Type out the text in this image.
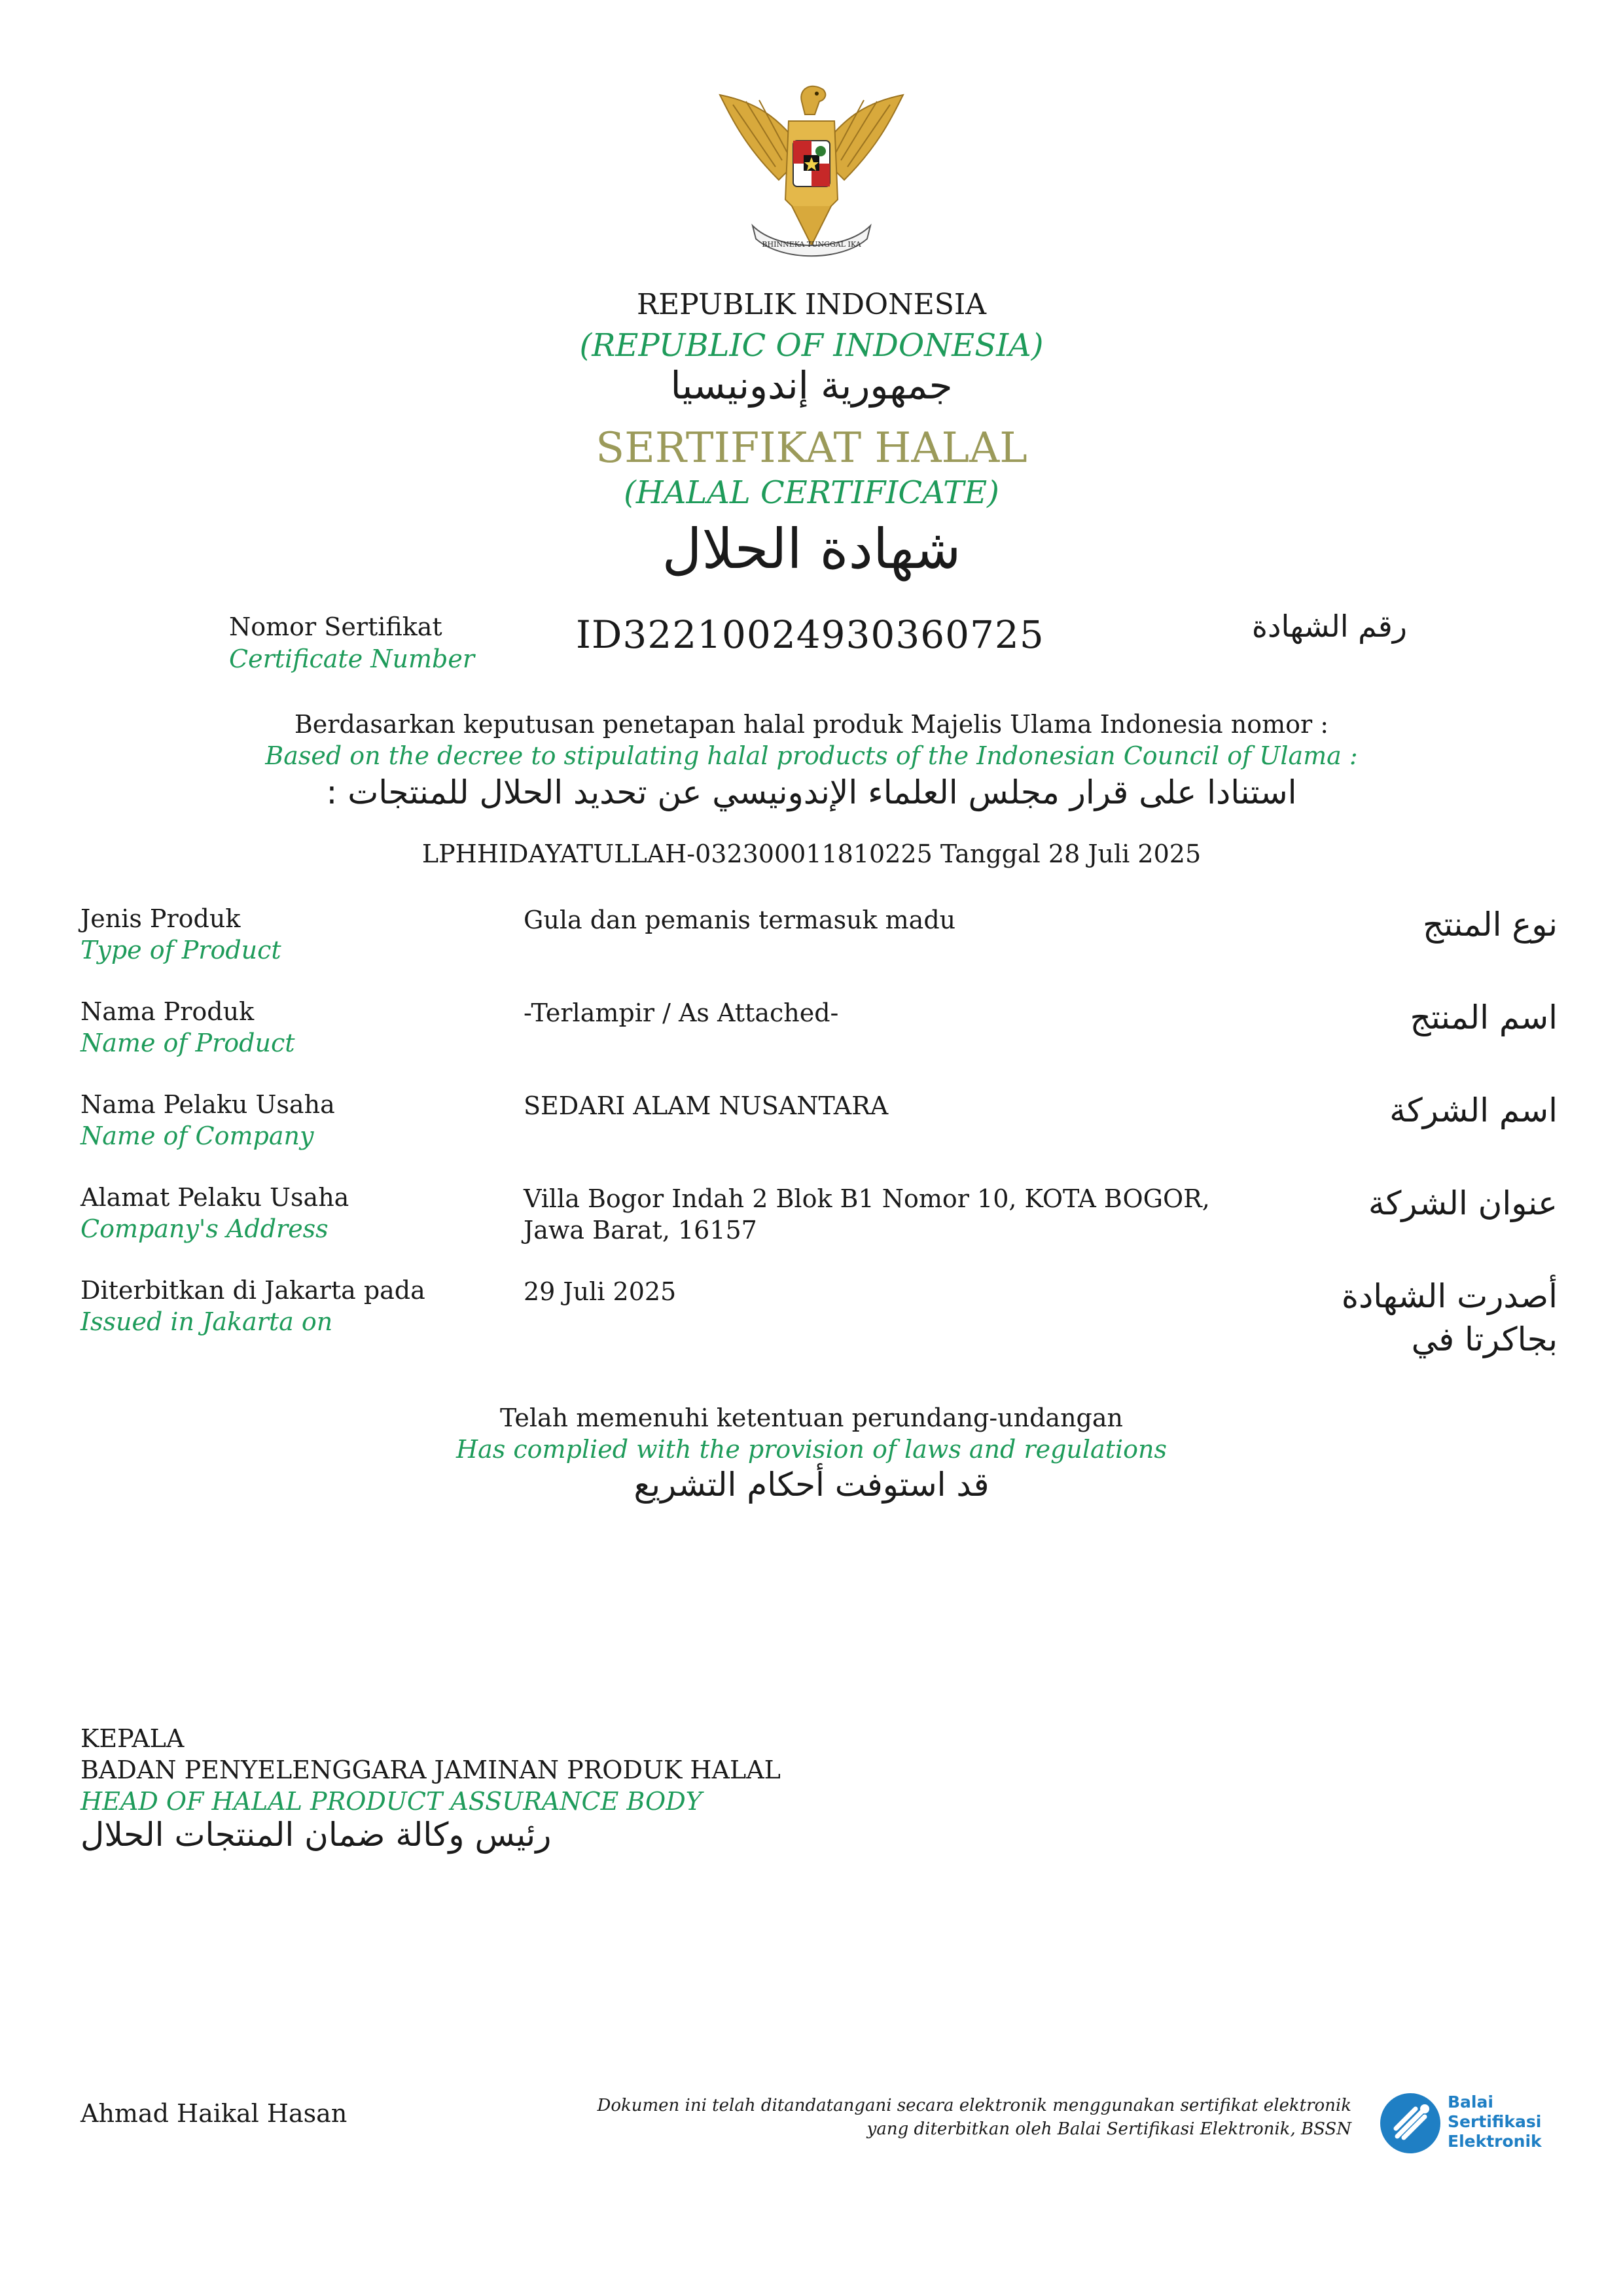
BHINNEKA TUNGGAL IKA
REPUBLIK INDONESIA
(REPUBLIC OF INDONESIA)
جمهورية إندونيسيا
SERTIFIKAT HALAL
(HALAL CERTIFICATE)
شهادة الحلال
Nomor Sertifikat
Certificate Number
ID32210024930360725	رقم الشهادة
Berdasarkan keputusan penetapan halal produk Majelis Ulama Indonesia nomor :
Based on the decree to stipulating halal products of the Indonesian Council of Ulama :
استنادا على قرار مجلس العلماء الإندونيسي عن تحديد الحلال للمنتجات :
LPHHIDAYATULLAH-032300011810225 Tanggal 28 Juli 2025
Jenis Produk
Type of Product
Gula dan pemanis termasuk madu	نوع المنتج
Nama Produk
Name of Product
-Terlampir / As Attached-	اسم المنتج
Nama Pelaku Usaha
Name of Company
SEDARI ALAM NUSANTARA	اسم الشركة
Alamat Pelaku Usaha
Company's Address
Villa Bogor Indah 2 Blok B1 Nomor 10, KOTA BOGOR,
Jawa Barat, 16157
عنوان الشركة
Diterbitkan di Jakarta pada
Issued in Jakarta on
29 Juli 2025	أصدرت الشهادة
بجاكرتا في
Telah memenuhi ketentuan perundang-undangan
Has complied with the provision of laws and regulations
قد استوفت أحكام التشريع
KEPALA
BADAN PENYELENGGARA JAMINAN PRODUK HALAL
HEAD OF HALAL PRODUCT ASSURANCE BODY
رئيس وكالة ضمان المنتجات الحلال
Ahmad Haikal Hasan	Dokumen ini telah ditandatangani secara elektronik menggunakan sertifikat elektronik
yang diterbitkan oleh Balai Sertifikasi Elektronik, BSSN
Balai
Sertifikasi
Elektronik
